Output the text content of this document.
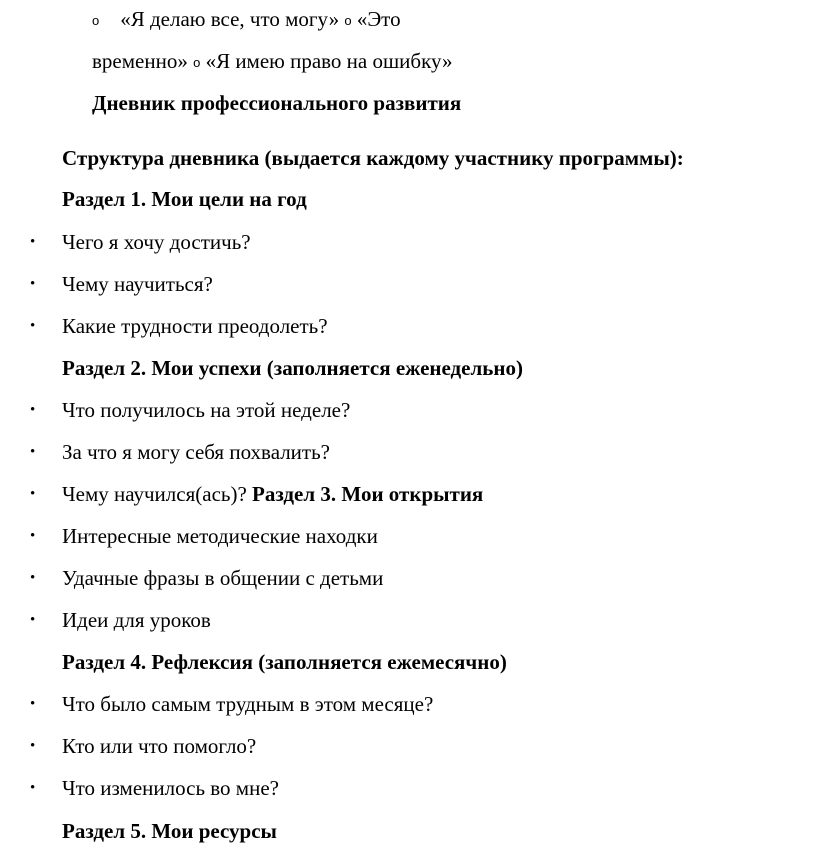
o «Я делаю все, что могу» o «Это
временно» o «Я имею право на ошибку»
Дневник профессионального развития
Структура дневника (выдается каждому участнику программы):
Раздел 1. Мои цели на год
• Чего я хочу достичь?
• Чему научиться?
• Какие трудности преодолеть?
Раздел 2. Мои успехи (заполняется еженедельно)
• Что получилось на этой неделе?
• За что я могу себя похвалить?
• Чему научился(ась)? Раздел 3. Мои открытия
• Интересные методические находки
• Удачные фразы в общении с детьми
• Идеи для уроков
Раздел 4. Рефлексия (заполняется ежемесячно)
• Что было самым трудным в этом месяце?
• Кто или что помогло?
• Что изменилось во мне?
Раздел 5. Мои ресурсы
